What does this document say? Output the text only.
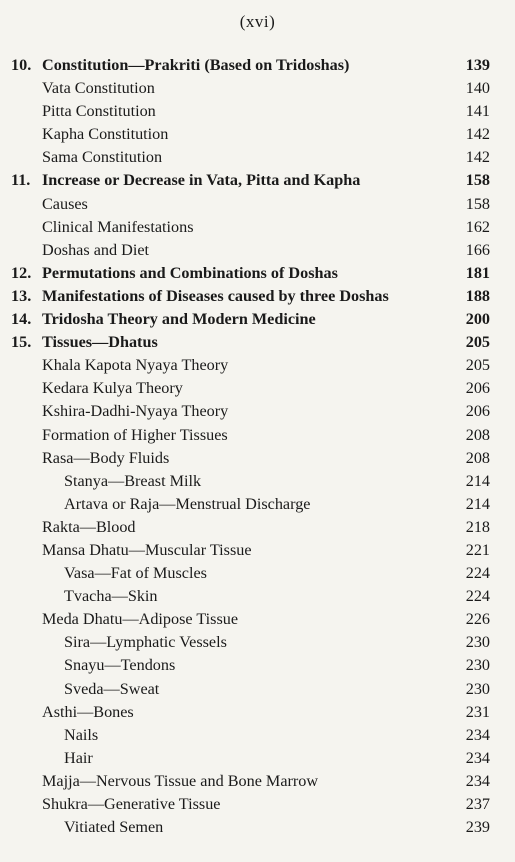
(xvi)
10. Constitution—Prakriti (Based on Tridoshas)	139
Vata Constitution	140
Pitta Constitution	141
Kapha Constitution	142
Sama Constitution	142
11. Increase or Decrease in Vata, Pitta and Kapha	158
Causes	158
Clinical Manifestations	162
Doshas and Diet	166
12. Permutations and Combinations of Doshas	181
13. Manifestations of Diseases caused by three Doshas	188
14. Tridosha Theory and Modern Medicine	200
15. Tissues—Dhatus	205
Khala Kapota Nyaya Theory	205
Kedara Kulya Theory	206
Kshira-Dadhi-Nyaya Theory	206
Formation of Higher Tissues	208
Rasa—Body Fluids	208
Stanya—Breast Milk	214
Artava or Raja—Menstrual Discharge	214
Rakta—Blood	218
Mansa Dhatu—Muscular Tissue	221
Vasa—Fat of Muscles	224
Tvacha—Skin	224
Meda Dhatu—Adipose Tissue	226
Sira—Lymphatic Vessels	230
Snayu—Tendons	230
Sveda—Sweat	230
Asthi—Bones	231
Nails	234
Hair	234
Majja—Nervous Tissue and Bone Marrow	234
Shukra—Generative Tissue	237
Vitiated Semen	239
